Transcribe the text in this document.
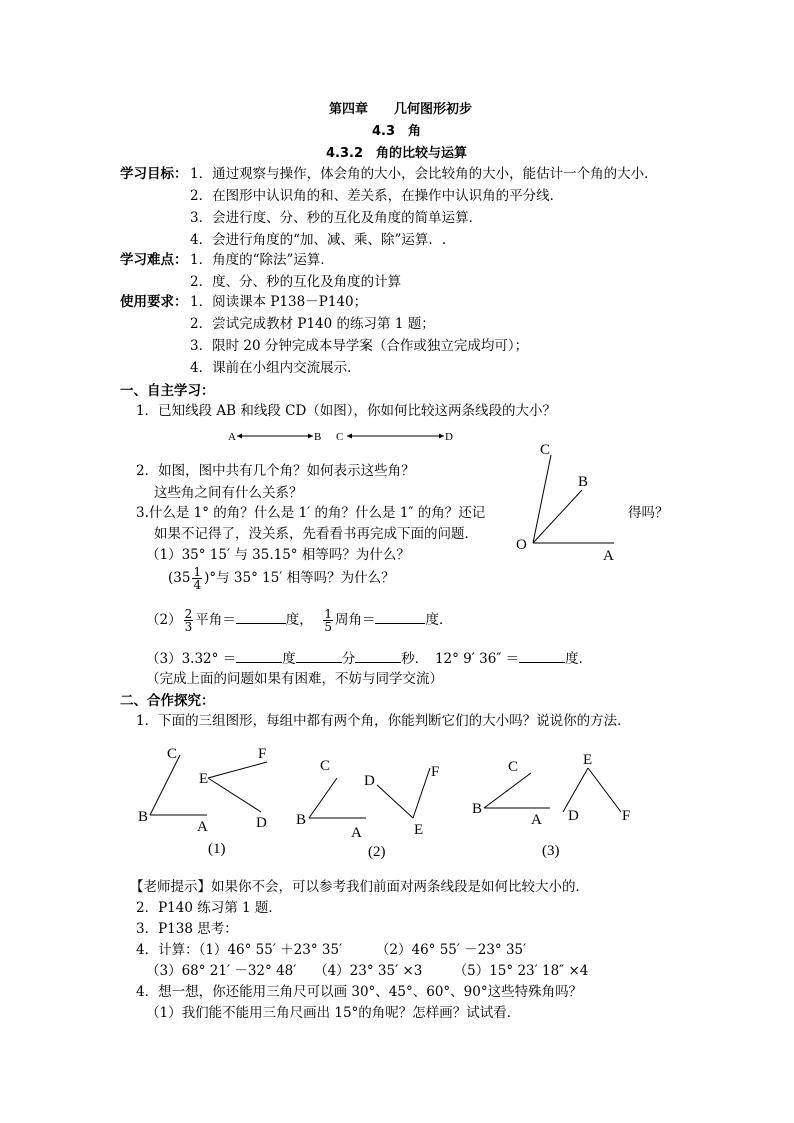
第四章　　几何图形初步
4.3　角
4.3.2　角的比较与运算
学习目标： 1．通过观察与操作，体会角的大小，会比较角的大小，能估计一个角的大小．
2．在图形中认识角的和、差关系，在操作中认识角的平分线．
3．会进行度、分、秒的互化及角度的简单运算．
4．会进行角度的“加、减、乘、除”运算．.
学习难点： 1．角度的“除法”运算．
2．度、分、秒的互化及角度的计算
使用要求： 1．阅读课本 P138－P140；
2．尝试完成教材 P140 的练习第 1 题；
3．限时 20 分钟完成本导学案（合作或独立完成均可）；
4．课前在小组内交流展示．
一、自主学习：
1．已知线段 AB 和线段 CD（如图），你如何比较这两条线段的大小？
A	B C	D
C
B
O
A
C	F
E
B
A	D
C
D
F
B
A	E
C	E
B
A D	F
(1)	(2)	(3)
2．如图，图中共有几个角？如何表示这些角？
这些角之间有什么关系？
3.什么是 1° 的角？什么是 1′ 的角？什么是 1″ 的角？还记	得吗？
如果不记得了，没关系，先看看书再完成下面的问题．
（1）35° 15′ 与 35.15° 相等吗？为什么？
($35 \frac{1}{4}$ )°与 35° 15′ 相等吗？为什么？
$(2) \frac{2}{3}$ 平角＝	度， $\frac{1}{5}$ 周角＝	度．
（3）3.32° ＝	度	分	秒．　12° 9′ 36″ ＝	度．
（完成上面的问题如果有困难，不妨与同学交流）
二、合作探究：
1．下面的三组图形，每组中都有两个角，你能判断它们的大小吗？说说你的方法．
【老师提示】如果你不会，可以参考我们前面对两条线段是如何比较大小的．
2．P140 练习第 1 题．
3．P138 思考：
4．计算：（1）46° 55′ ＋23° 35′　　　（2）46° 55′ －23° 35′
（3）68° 21′ －32° 48′　 （4）23° 35′ ×3　　 （5）15° 23′ 18″ ×4
4．想一想，你还能用三角尺可以画 30°、45°、60°、90°这些特殊角吗？
（1）我们能不能用三角尺画出 15°的角呢？怎样画？试试看．
